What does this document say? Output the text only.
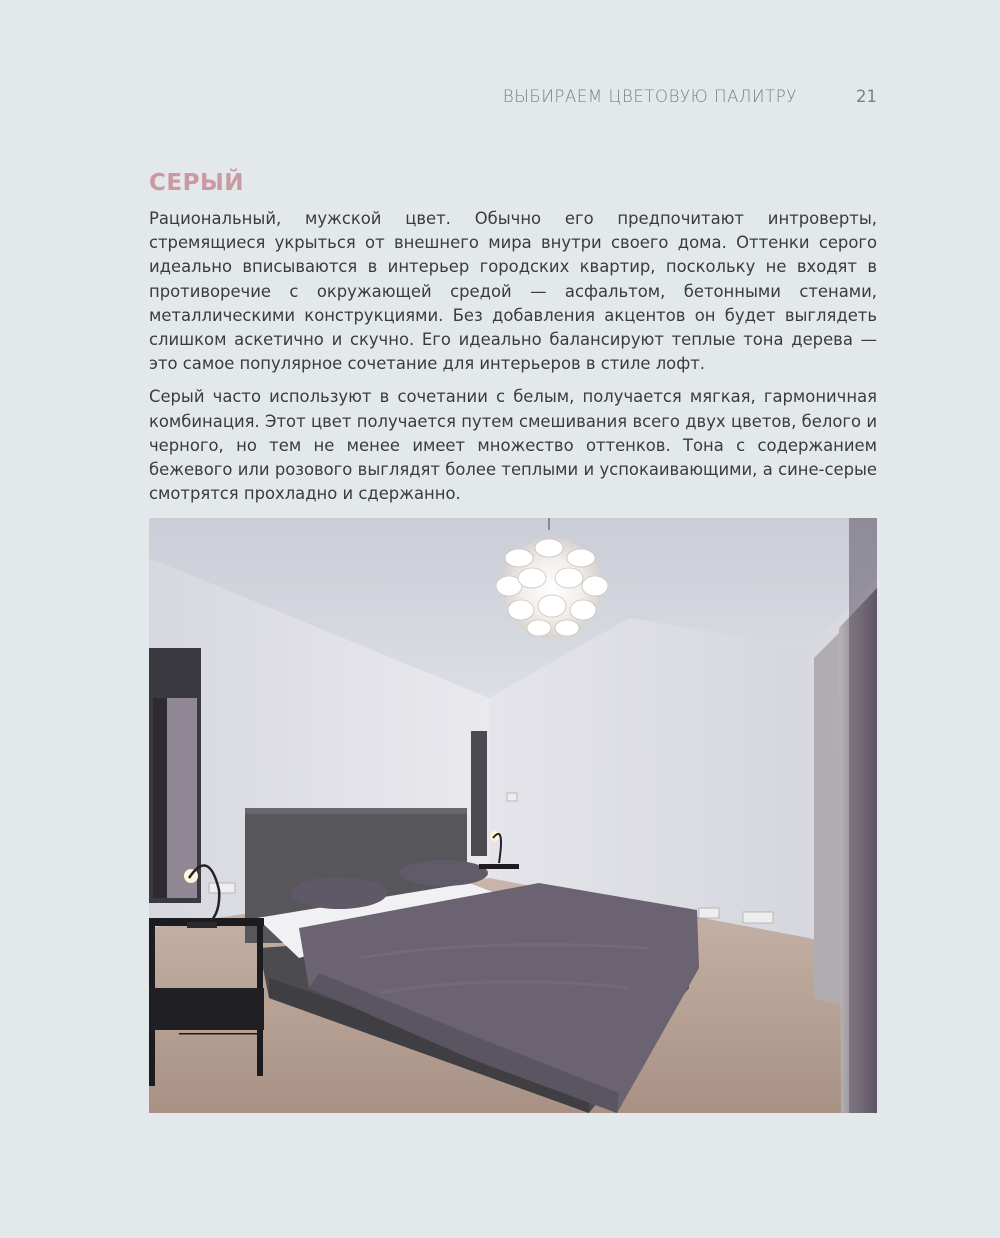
ВЫБИРАЕМ ЦВЕТОВУЮ ПАЛИТРУ	21
СЕРЫЙ

Рациональный, мужской цвет. Обычно его предпочитают интроверты, стремящиеся укрыться от внешнего мира внутри своего дома. Оттенки серого идеально вписываются в интерьер городских квартир, поскольку не входят в противоречие с окружающей средой — асфальтом, бетонными стенами, металлическими конструкциями. Без добавления акцентов он будет выглядеть слишком аскетично и скучно. Его идеально балансируют теплые тона дерева — это самое популярное сочетание для интерьеров в стиле лофт.

Серый часто используют в сочетании с белым, получается мягкая, гармоничная комбинация. Этот цвет получается путем смешивания всего двух цветов, белого и черного, но тем не менее имеет множество оттенков. Тона с содержанием бежевого или розового выглядят более теплыми и успокаивающими, а сине-серые смотрятся прохладно и сдержанно.
